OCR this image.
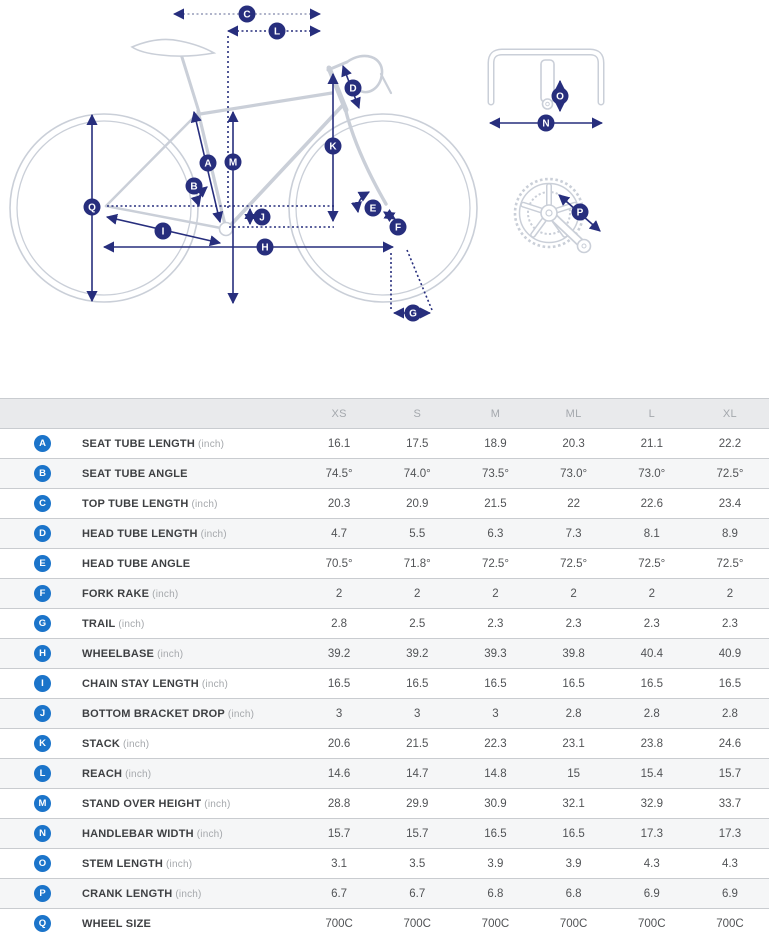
C
L
D
K
A M
B
Q	E
F
J
I
H
G
N
O
P
XS	S	M	ML	L	XL
A	SEAT TUBE LENGTH (inch)	16.1	17.5	18.9	20.3	21.1	22.2
B	SEAT TUBE ANGLE	74.5°	74.0°	73.5°	73.0°	73.0°	72.5°
C	TOP TUBE LENGTH (inch)	20.3	20.9	21.5	22	22.6	23.4
D	HEAD TUBE LENGTH (inch)	4.7	5.5	6.3	7.3	8.1	8.9
E	HEAD TUBE ANGLE	70.5°	71.8°	72.5°	72.5°	72.5°	72.5°
F	FORK RAKE (inch)	2	2	2	2	2	2
G	TRAIL (inch)	2.8	2.5	2.3	2.3	2.3	2.3
H	WHEELBASE (inch)	39.2	39.2	39.3	39.8	40.4	40.9
I	CHAIN STAY LENGTH (inch)	16.5	16.5	16.5	16.5	16.5	16.5
J	BOTTOM BRACKET DROP (inch)	3	3	3	2.8	2.8	2.8
K	STACK (inch)	20.6	21.5	22.3	23.1	23.8	24.6
L	REACH (inch)	14.6	14.7	14.8	15	15.4	15.7
M	STAND OVER HEIGHT (inch)	28.8	29.9	30.9	32.1	32.9	33.7
N	HANDLEBAR WIDTH (inch)	15.7	15.7	16.5	16.5	17.3	17.3
O	STEM LENGTH (inch)	3.1	3.5	3.9	3.9	4.3	4.3
P	CRANK LENGTH (inch)	6.7	6.7	6.8	6.8	6.9	6.9
Q	WHEEL SIZE	700C	700C	700C	700C	700C	700C
